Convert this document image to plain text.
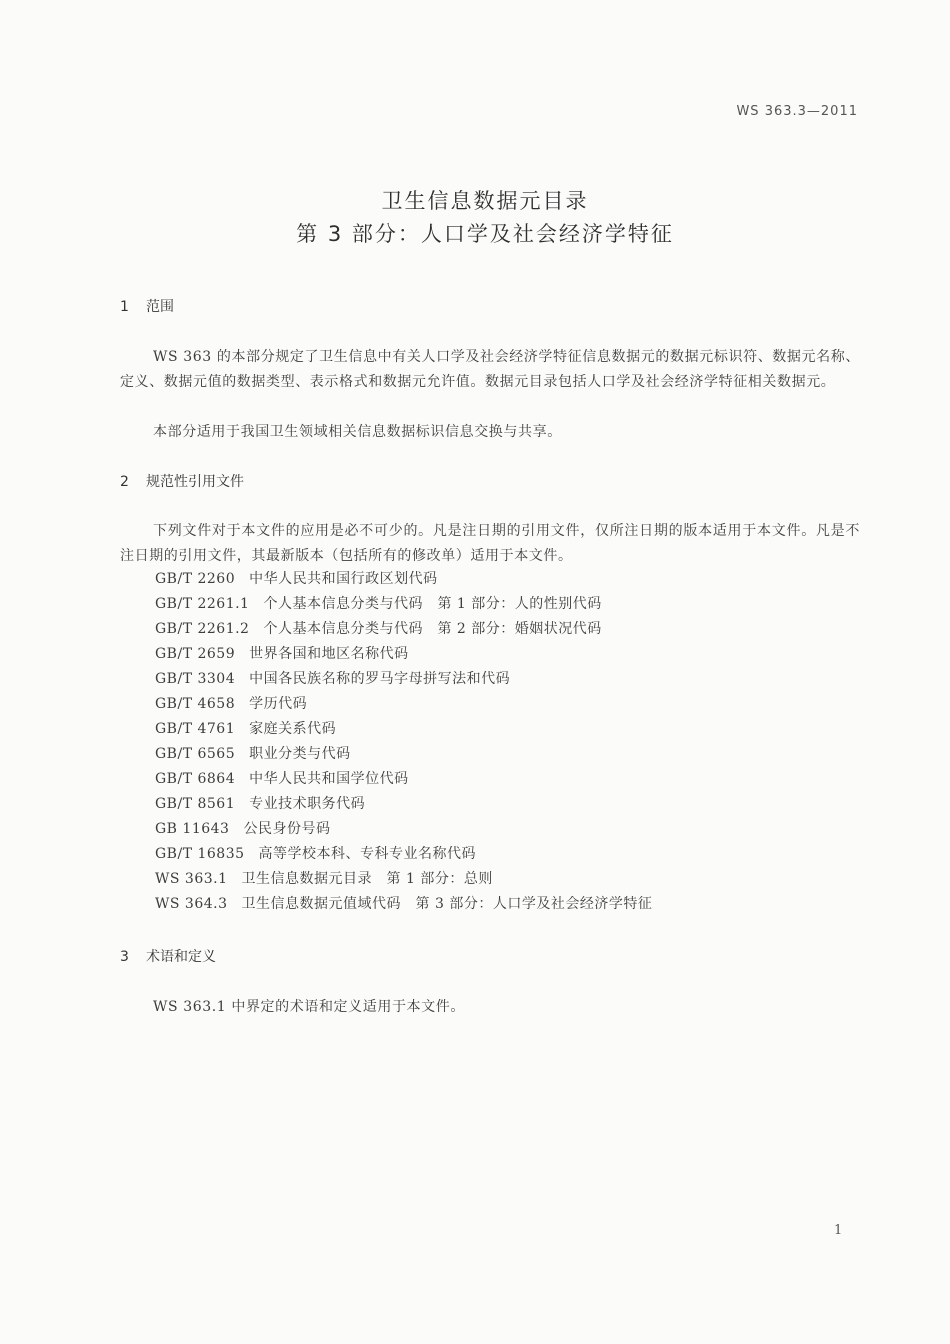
WS 363.3—2011
卫生信息数据元目录
第 3 部分：人口学及社会经济学特征
1 范围
WS 363 的本部分规定了卫生信息中有关人口学及社会经济学特征信息数据元的数据元标识符、数据元名称、定义、数据元值的数据类型、表示格式和数据元允许值。数据元目录包括人口学及社会经济学特征相关数据元。
本部分适用于我国卫生领域相关信息数据标识信息交换与共享。
2 规范性引用文件
下列文件对于本文件的应用是必不可少的。凡是注日期的引用文件，仅所注日期的版本适用于本文件。凡是不注日期的引用文件，其最新版本（包括所有的修改单）适用于本文件。
GB/T 2260 中华人民共和国行政区划代码
GB/T 2261.1 个人基本信息分类与代码　第 1 部分：人的性别代码
GB/T 2261.2 个人基本信息分类与代码　第 2 部分：婚姻状况代码
GB/T 2659 世界各国和地区名称代码
GB/T 3304 中国各民族名称的罗马字母拼写法和代码
GB/T 4658 学历代码
GB/T 4761 家庭关系代码
GB/T 6565 职业分类与代码
GB/T 6864 中华人民共和国学位代码
GB/T 8561 专业技术职务代码
GB 11643 公民身份号码
GB/T 16835 高等学校本科、专科专业名称代码
WS 363.1 卫生信息数据元目录　第 1 部分：总则
WS 364.3 卫生信息数据元值域代码　第 3 部分：人口学及社会经济学特征
3 术语和定义
WS 363.1 中界定的术语和定义适用于本文件。
1
